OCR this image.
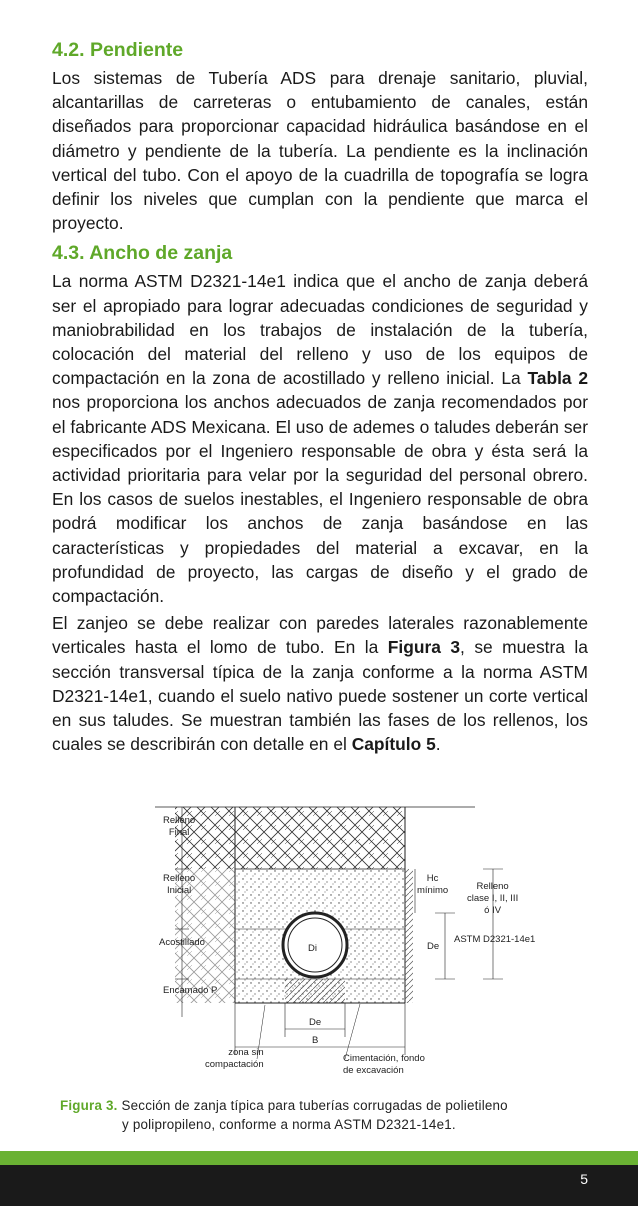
4.2. Pendiente

Los sistemas de Tubería ADS para drenaje sanitario, pluvial, alcantarillas de carreteras o entubamiento de canales, están diseñados para proporcionar capacidad hidráulica basándose en el diámetro y pendiente de la tubería. La pendiente es la inclinación vertical del tubo. Con el apoyo de la cuadrilla de topografía se logra definir los niveles que cumplan con la pendiente que marca el proyecto.

4.3. Ancho de zanja

La norma ASTM D2321-14e1 indica que el ancho de zanja deberá ser el apropiado para lograr adecuadas condiciones de seguridad y maniobrabilidad en los trabajos de instalación de la tubería, colocación del material del relleno y uso de los equipos de compactación en la zona de acostillado y relleno inicial. La Tabla 2 nos proporciona los anchos adecuados de zanja recomendados por el fabricante ADS Mexicana. El uso de ademes o taludes deberán ser especificados por el Ingeniero responsable de obra y ésta será la actividad prioritaria para velar por la seguridad del personal obrero. En los casos de suelos inestables, el Ingeniero responsable de obra podrá modificar los anchos de zanja basándose en las características y propiedades del material a excavar, en la profundidad de proyecto, las cargas de diseño y el grado de compactación.

El zanjeo se debe realizar con paredes laterales razonablemente verticales hasta el lomo de tubo. En la Figura 3, se muestra la sección transversal típica de la zanja conforme a la norma ASTM D2321-14e1, cuando el suelo nativo puede sostener un corte vertical en sus taludes. Se muestran también las fases de los rellenos, los cuales se describirán con detalle en el Capítulo 5.

Relleno
Final
Relleno
Inicial
Acostillado
Encamado P
Di	De
Hc
mínimo	Relleno
clase I, II, III
ó IV
ASTM D2321-14e1
De
B
zona sin
compactación
Cimentación, fondo
de excavación
Figura 3. Sección de zanja típica para tuberías corrugadas de polietileno
y polipropileno, conforme a norma ASTM D2321-14e1.
5
